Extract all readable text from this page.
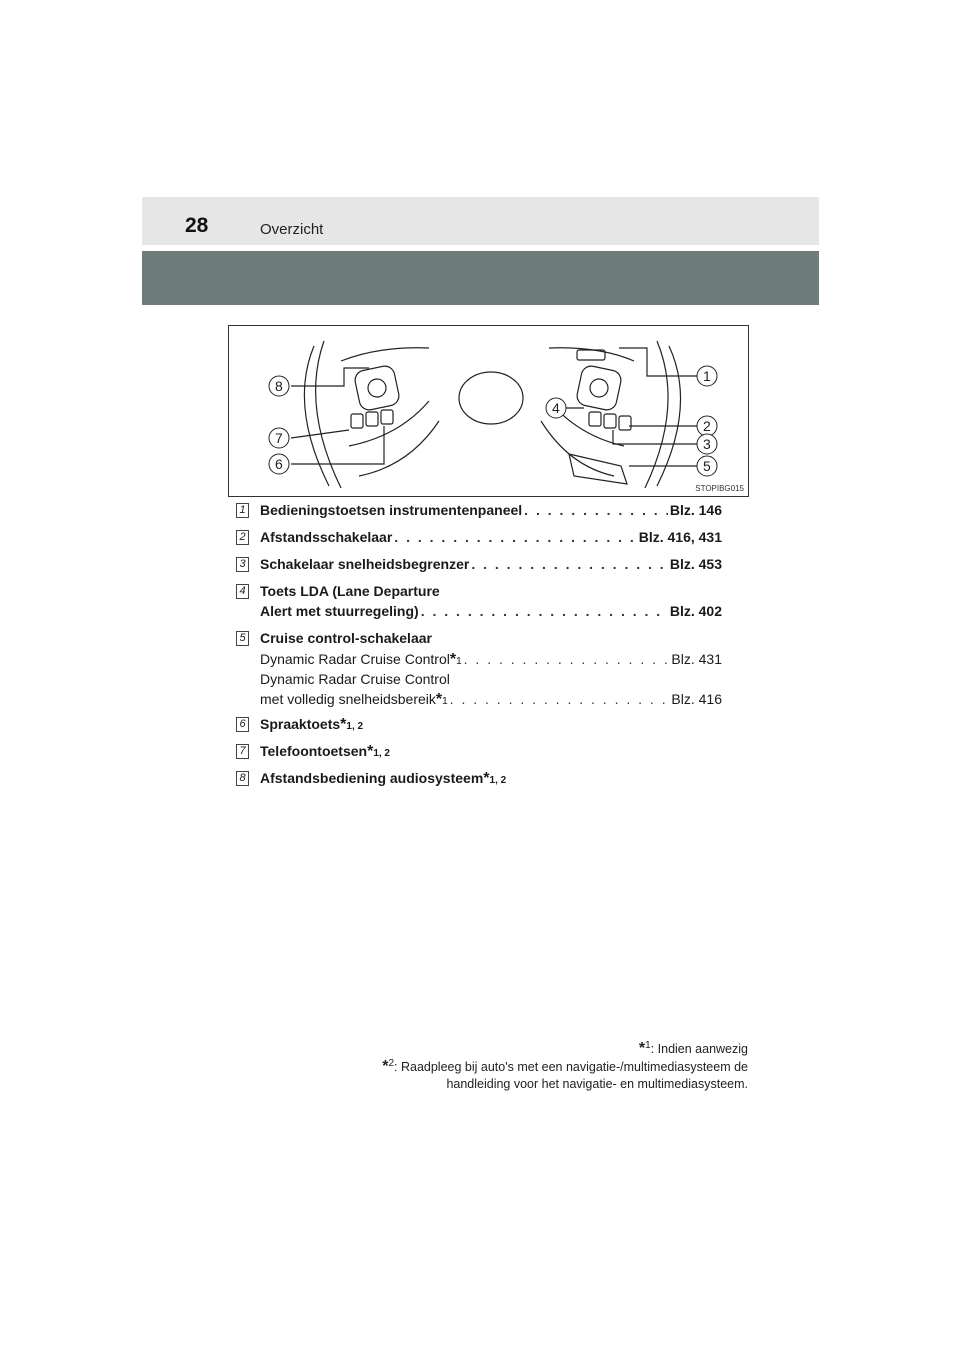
28	Overzicht
8
7
6
4
1
2
3
5
STOPIBG015
1 Bedieningstoetsen instrumentenpaneel . . .	Blz. 146
2 Afstandsschakelaar . . .	Blz. 416, 431
3 Schakelaar snelheidsbegrenzer . . .	Blz. 453
4 Toets LDA (Lane Departure
Alert met stuurregeling) . . .	Blz. 402
5 Cruise control-schakelaar
Dynamic Radar Cruise Control * 1 . . .	Blz. 431
Dynamic Radar Cruise Control
met volledig snelheidsbereik * 1 . . .	Blz. 416
6 Spraaktoets * 1, 2
7 Telefoontoetsen * 1, 2
8 Afstandsbediening audiosysteem * 1, 2
*$^1$: Indien aanwezig
*$^2$: Raadpleeg bij auto's met een navigatie-/multimediasysteem de
handleiding voor het navigatie- en multimediasysteem.
